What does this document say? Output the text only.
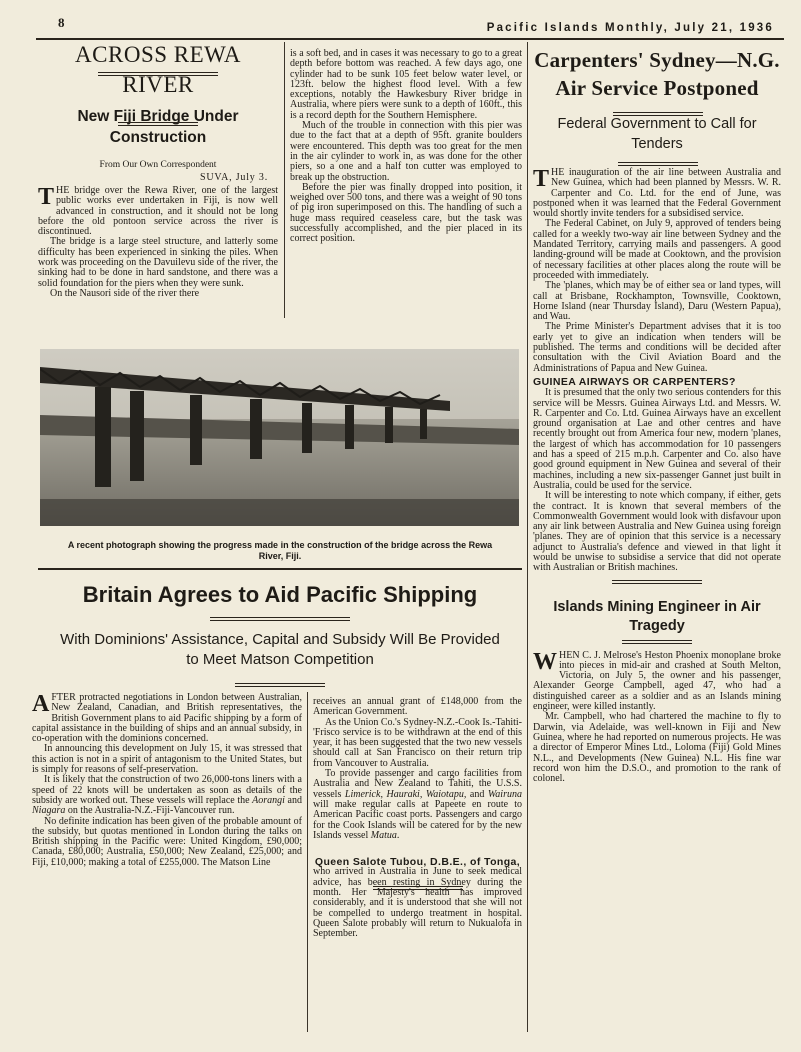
8	Pacific Islands Monthly, July 21, 1936
ACROSS REWA RIVER
New Fiji Bridge Under Construction
From Our Own Correspondent
SUVA, July 3.

THE bridge over the Rewa River, one of the largest public works ever undertaken in Fiji, is now well advanced in construction, and it should not be long before the old pontoon service across the river is discontinued.

The bridge is a large steel structure, and latterly some difficulty has been experienced in sinking the piles. When work was proceeding on the Davuilevu side of the river, the sinking had to be done in hard sandstone, and there was a solid foundation for the piers when they were sunk.

On the Nausori side of the river there

is a soft bed, and in cases it was necessary to go to a great depth before bottom was reached. A few days ago, one cylinder had to be sunk 105 feet below water level, or 123ft. below the highest flood level. With a few exceptions, notably the Hawkesbury River bridge in Australia, where piers were sunk to a depth of 160ft., this is a record depth for the Southern Hemisphere.

Much of the trouble in connection with this pier was due to the fact that at a depth of 95ft. granite boulders were encountered. This depth was too great for the men in the air cylinder to work in, as was done for the other piers, so a one and a half ton cutter was employed to break up the obstruction.

Before the pier was finally dropped into position, it weighed over 500 tons, and there was a weight of 90 tons of pig iron superimposed on this. The handling of such a huge mass required ceaseless care, but the task was successfully accomplished, and the pier placed in its correct position.

A recent photograph showing the progress made in the construction of the bridge across the Rewa River, Fiji.
Britain Agrees to Aid Pacific Shipping
With Dominions' Assistance, Capital and Subsidy Will Be Provided to Meet Matson Competition

AFTER protracted negotiations in London between Australian, New Zealand, Canadian, and British representatives, the British Government plans to aid Pacific shipping by a form of capital assistance in the building of ships and an annual subsidy, in co-operation with the dominions concerned.

In announcing this development on July 15, it was stressed that this action is not in a spirit of antagonism to the United States, but is simply for reasons of self-preservation.

It is likely that the construction of two 26,000-tons liners with a speed of 22 knots will be undertaken as soon as details of the subsidy are worked out. These vessels will replace the Aorangi and Niagara on the Australia-N.Z.-Fiji-Vancouver run.

No definite indication has been given of the probable amount of the subsidy, but quotas mentioned in London during the talks on British shipping in the Pacific were: United Kingdom, £90,000; Canada, £80,000; Australia, £50,000; New Zealand, £25,000; and Fiji, £10,000; making a total of £255,000. The Matson Line

receives an annual grant of £148,000 from the American Government.

As the Union Co.'s Sydney-N.Z.-Cook Is.-Tahiti-'Frisco service is to be withdrawn at the end of this year, it has been suggested that the two new vessels should call at San Francisco on their return trip from Vancouver to Australia.

To provide passenger and cargo facilities from Australia and New Zealand to Tahiti, the U.S.S. vessels Limerick, Hauraki, Waiotapu, and Wairuna will make regular calls at Papeete en route to American Pacific coast ports. Passengers and cargo for the Cook Islands will be catered for by the new Islands vessel Matua.

Queen Salote Tubou, D.B.E., of Tonga,

who arrived in Australia in June to seek medical advice, has been resting in Sydney during the month. Her Majesty's health has improved considerably, and it is understood that she will not be compelled to undergo treatment in hospital. Queen Salote probably will return to Nukualofa in September.

Carpenters' Sydney—N.G. Air Service Postponed
Federal Government to Call for Tenders

THE inauguration of the air line between Australia and New Guinea, which had been planned by Messrs. W. R. Carpenter and Co. Ltd. for the end of June, was postponed when it was learned that the Federal Government would shortly invite tenders for a subsidised service.

The Federal Cabinet, on July 9, approved of tenders being called for a weekly two-way air line between Sydney and the Mandated Territory, carrying mails and passengers. A good landing-ground will be made at Cooktown, and the provision of necessary facilities at other places along the route will be proceeded with immediately.

The 'planes, which may be of either sea or land types, will call at Brisbane, Rockhampton, Townsville, Cooktown, Horne Island (near Thursday Island), Daru (Western Papua), and Wau.

The Prime Minister's Department advises that it is too early yet to give an indication when tenders will be published. The terms and conditions will be decided after consultation with the Civil Aviation Board and the Administrations of Papua and New Guinea.

GUINEA AIRWAYS OR CARPENTERS?

It is presumed that the only two serious contenders for this service will be Messrs. Guinea Airways Ltd. and Messrs. W. R. Carpenter and Co. Ltd. Guinea Airways have an excellent ground organisation at Lae and other centres and have recently brought out from America four new, modern 'planes, the largest of which has accommodation for 10 passengers and has a speed of 215 m.p.h. Carpenter and Co. also have good ground equipment in New Guinea and several of their machines, including a new six-passenger Gannet just built in Australia, could be used for the service.

It will be interesting to note which company, if either, gets the contract. It is known that several members of the Commonwealth Government would look with disfavour upon any air link between Australia and New Guinea using foreign 'planes. They are of opinion that this service is a necessary adjunct to Australia's defence and viewed in that light it would be unwise to subsidise a service that did not operate with Australian or British machines.

Islands Mining Engineer in Air Tragedy

WHEN C. J. Melrose's Heston Phoenix monoplane broke into pieces in mid-air and crashed at South Melton, Victoria, on July 5, the owner and his passenger, Alexander George Campbell, aged 47, who had a distinguished career as a soldier and as an Islands mining engineer, were killed instantly.

Mr. Campbell, who had chartered the machine to fly to Darwin, via Adelaide, was well-known in Fiji and New Guinea, where he had reported on numerous projects. He was a director of Emperor Mines Ltd., Loloma (Fiji) Gold Mines N.L., and Developments (New Guinea) N.L. His fine war record won him the D.S.O., and promotion to the rank of colonel.
